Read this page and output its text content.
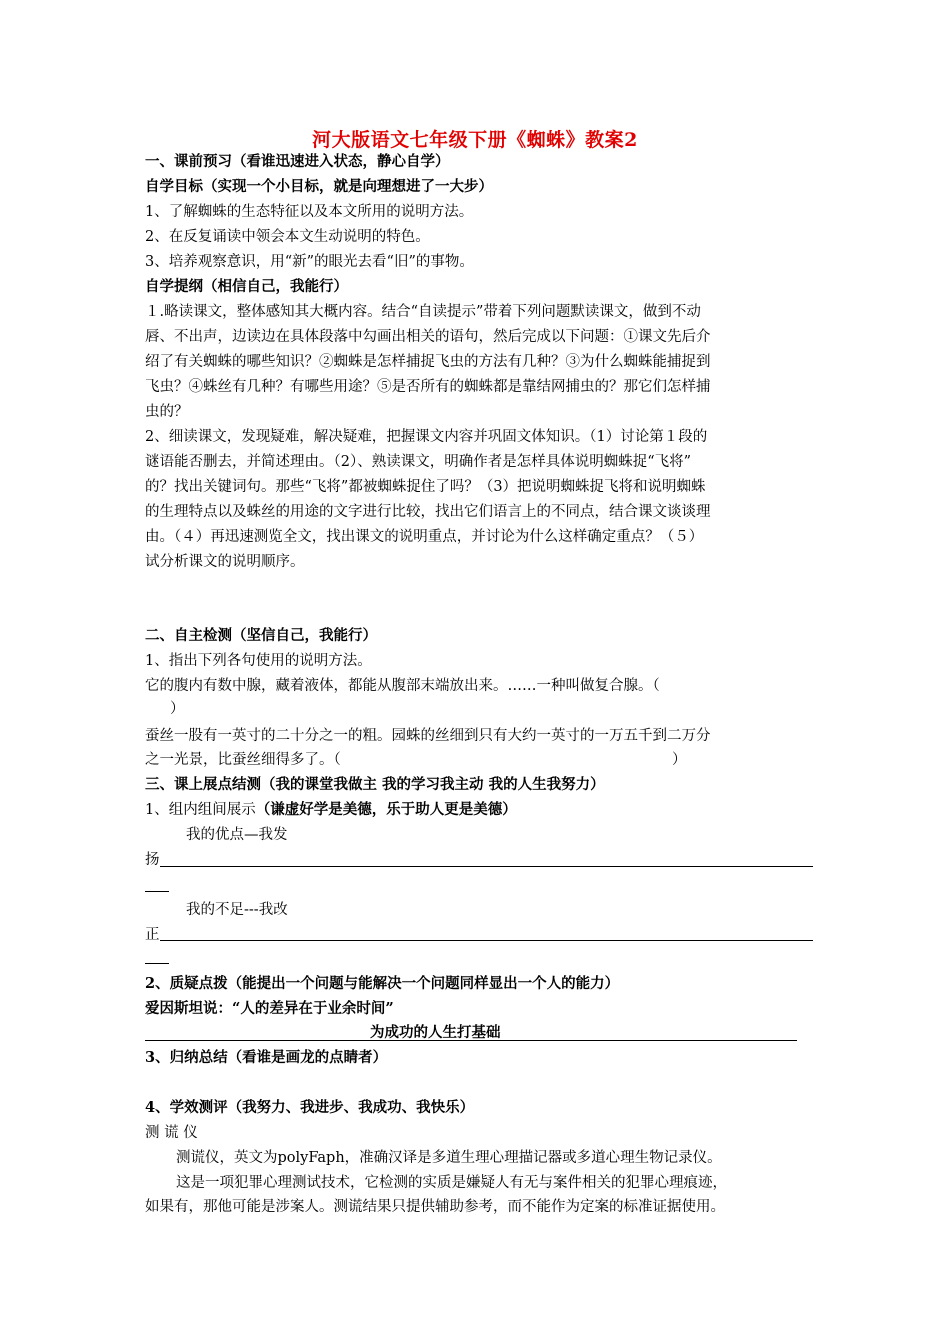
河大版语文七年级下册《蜘蛛》教案2
一、课前预习（看谁迅速进入状态，静心自学）
自学目标（实现一个小目标，就是向理想进了一大步）
1、了解蜘蛛的生态特征以及本文所用的说明方法。
2、在反复诵读中领会本文生动说明的特色。
3、培养观察意识，用“新”的眼光去看“旧”的事物。
自学提纲（相信自己，我能行）
１.略读课文，整体感知其大概内容。结合“自读提示”带着下列问题默读课文，做到不动
唇、不出声，边读边在具体段落中勾画出相关的语句，然后完成以下问题：①课文先后介
绍了有关蜘蛛的哪些知识？②蜘蛛是怎样捕捉飞虫的方法有几种？③为什么蜘蛛能捕捉到
飞虫？④蛛丝有几种？有哪些用途？⑤是否所有的蜘蛛都是靠结网捕虫的？那它们怎样捕
虫的？
2、细读课文，发现疑难，解决疑难，把握课文内容并巩固文体知识。（1）讨论第１段的
谜语能否删去，并简述理由。（2）、熟读课文，明确作者是怎样具体说明蜘蛛捉“飞将”
的？找出关键词句。那些“飞将”都被蜘蛛捉住了吗？（3）把说明蜘蛛捉飞将和说明蜘蛛
的生理特点以及蛛丝的用途的文字进行比较，找出它们语言上的不同点，结合课文谈谈理
由。（４）再迅速测览全文，找出课文的说明重点，并讨论为什么这样确定重点？（５）
试分析课文的说明顺序。
二、自主检测（坚信自己，我能行）
1、指出下列各句使用的说明方法。
它的腹内有数中腺，藏着液体，都能从腹部末端放出来。……一种叫做复合腺。（
）
蚕丝一股有一英寸的二十分之一的粗。园蛛的丝细到只有大约一英寸的一万五千到二万分
之一光景，比蚕丝细得多了。（	）
三、课上展点结测（我的课堂我做主 我的学习我主动 我的人生我努力）
1、组内组间展示（谦虚好学是美德，乐于助人更是美德）
我的优点—我发
扬
我的不足---我改
正
2、质疑点拨（能提出一个问题与能解决一个问题同样显出一个人的能力）
爱因斯坦说：“人的差异在于业余时间”
为成功的人生打基础
3、归纳总结（看谁是画龙的点睛者）
4、学效测评（我努力、我进步、我成功、我快乐）
测 谎 仪
测谎仪，英文为polyFaph，准确汉译是多道生理心理描记器或多道心理生物记录仪。
这是一项犯罪心理测试技术，它检测的实质是嫌疑人有无与案件相关的犯罪心理痕迹，
如果有，那他可能是涉案人。测谎结果只提供辅助参考，而不能作为定案的标准证据使用。
